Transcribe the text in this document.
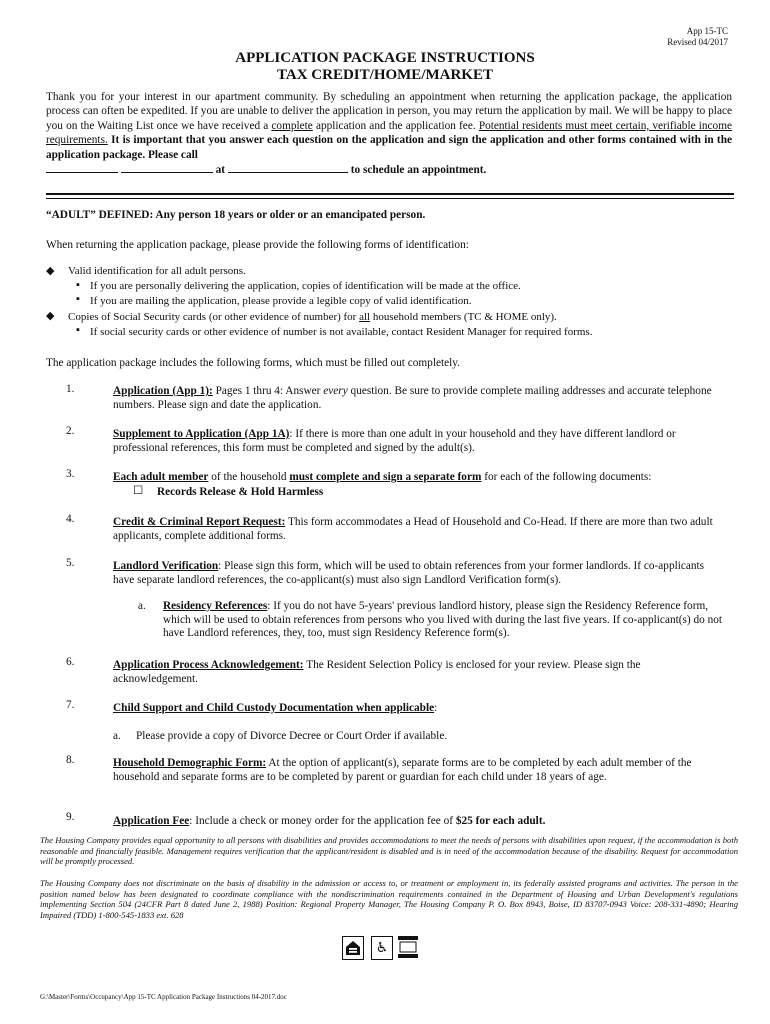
App 15-TC
Revised 04/2017
APPLICATION PACKAGE INSTRUCTIONS
TAX CREDIT/HOME/MARKET
Thank you for your interest in our apartment community. By scheduling an appointment when returning the application package, the application process can often be expedited. If you are unable to deliver the application in person, you may return the application by mail. We will be happy to place you on the Waiting List once we have received a complete application and the application fee. Potential residents must meet certain, verifiable income requirements. It is important that you answer each question on the application and sign the application and other forms contained with in the application package. Please call
at	to schedule an appointment.
“ADULT” DEFINED: Any person 18 years or older or an emancipated person.
When returning the application package, please provide the following forms of identification:
◆ Valid identification for all adult persons.
▪ If you are personally delivering the application, copies of identification will be made at the office.
▪ If you are mailing the application, please provide a legible copy of valid identification.
◆ Copies of Social Security cards (or other evidence of number) for all household members (TC & HOME only).
▪ If social security cards or other evidence of number is not available, contact Resident Manager for required forms.
The application package includes the following forms, which must be filled out completely.
1.	Application (App 1): Pages 1 thru 4: Answer every question. Be sure to provide complete mailing addresses and accurate telephone numbers. Please sign and date the application.
2.	Supplement to Application (App 1A): If there is more than one adult in your household and they have different landlord or professional references, this form must be completed and signed by the adult(s).
3.	Each adult member of the household must complete and sign a separate form for each of the following documents:
☐ Records Release & Hold Harmless
4.	Credit & Criminal Report Request: This form accommodates a Head of Household and Co-Head. If there are more than two adult applicants, complete additional forms.
5.	Landlord Verification: Please sign this form, which will be used to obtain references from your former landlords. If co-applicants have separate landlord references, the co-applicant(s) must also sign Landlord Verification form(s).
a. Residency References: If you do not have 5-years' previous landlord history, please sign the Residency Reference form, which will be used to obtain references from persons who you lived with during the last five years. If co-applicant(s) do not have Landlord references, they, too, must sign Residency Reference form(s).
6.	Application Process Acknowledgement: The Resident Selection Policy is enclosed for your review. Please sign the acknowledgement.
7.	Child Support and Child Custody Documentation when applicable:
a. Please provide a copy of Divorce Decree or Court Order if available.
8.	Household Demographic Form: At the option of applicant(s), separate forms are to be completed by each adult member of the household and separate forms are to be completed by parent or guardian for each child under 18 years of age.
9.	Application Fee: Include a check or money order for the application fee of $25 for each adult.
The Housing Company provides equal opportunity to all persons with disabilities and provides accommodations to meet the needs of persons with disabilities upon request, if the accommodation is both reasonable and financially feasible. Management requires verification that the applicant/resident is disabled and is in need of the accommodation because of the disability. Request for accommodation will be promptly processed.
The Housing Company does not discriminate on the basis of disability in the admission or access to, or treatment or employment in, its federally assisted programs and activities. The person in the position named below has been designated to coordinate compliance with the nondiscrimination requirements contained in the Department of Housing and Urban Development's regulations implementing Section 504 (24CFR Part 8 dated June 2, 1988) Position: Regional Property Manager, The Housing Company P. O. Box 8943, Boise, ID 83707-0943 Voice: 208-331-4890; Hearing Impaired (TDD) 1-800-545-1833 ext. 628
♿
G:\Master\Forms\Occupancy\App 15-TC Application Package Instructions 04-2017.doc
